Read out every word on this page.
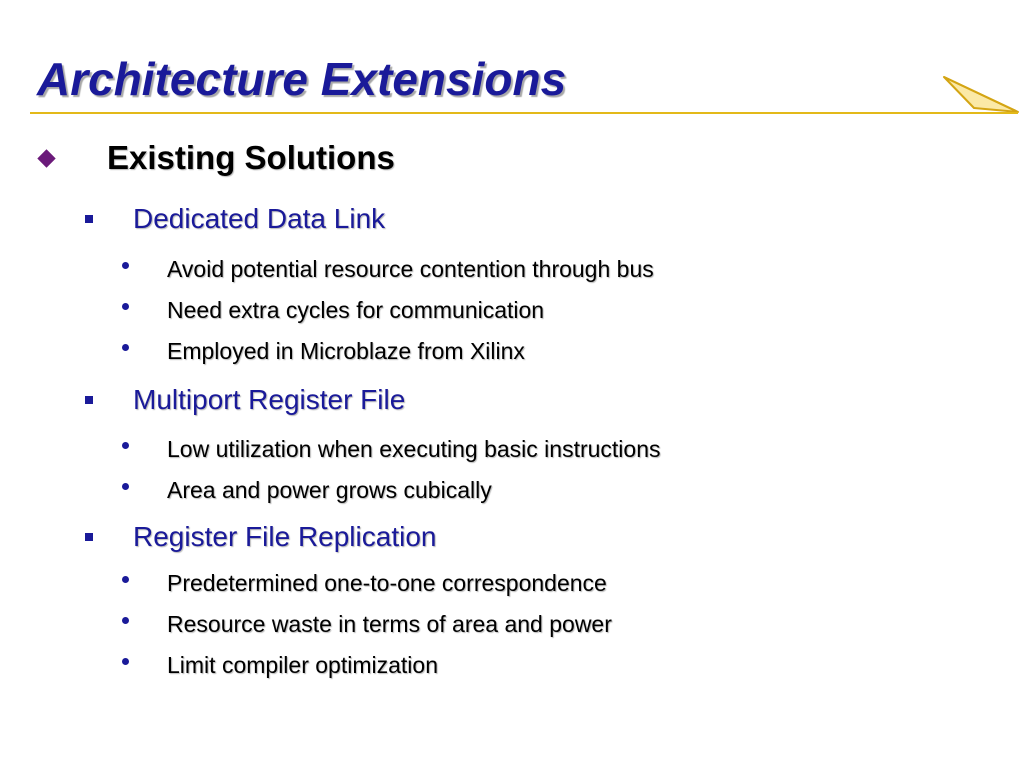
Architecture Extensions
Existing Solutions
Dedicated Data Link
Avoid potential resource contention through bus
Need extra cycles for communication
Employed in Microblaze from Xilinx
Multiport Register File
Low utilization when executing basic instructions
Area and power grows cubically
Register File Replication
Predetermined one-to-one correspondence
Resource waste in terms of area and power
Limit compiler optimization
